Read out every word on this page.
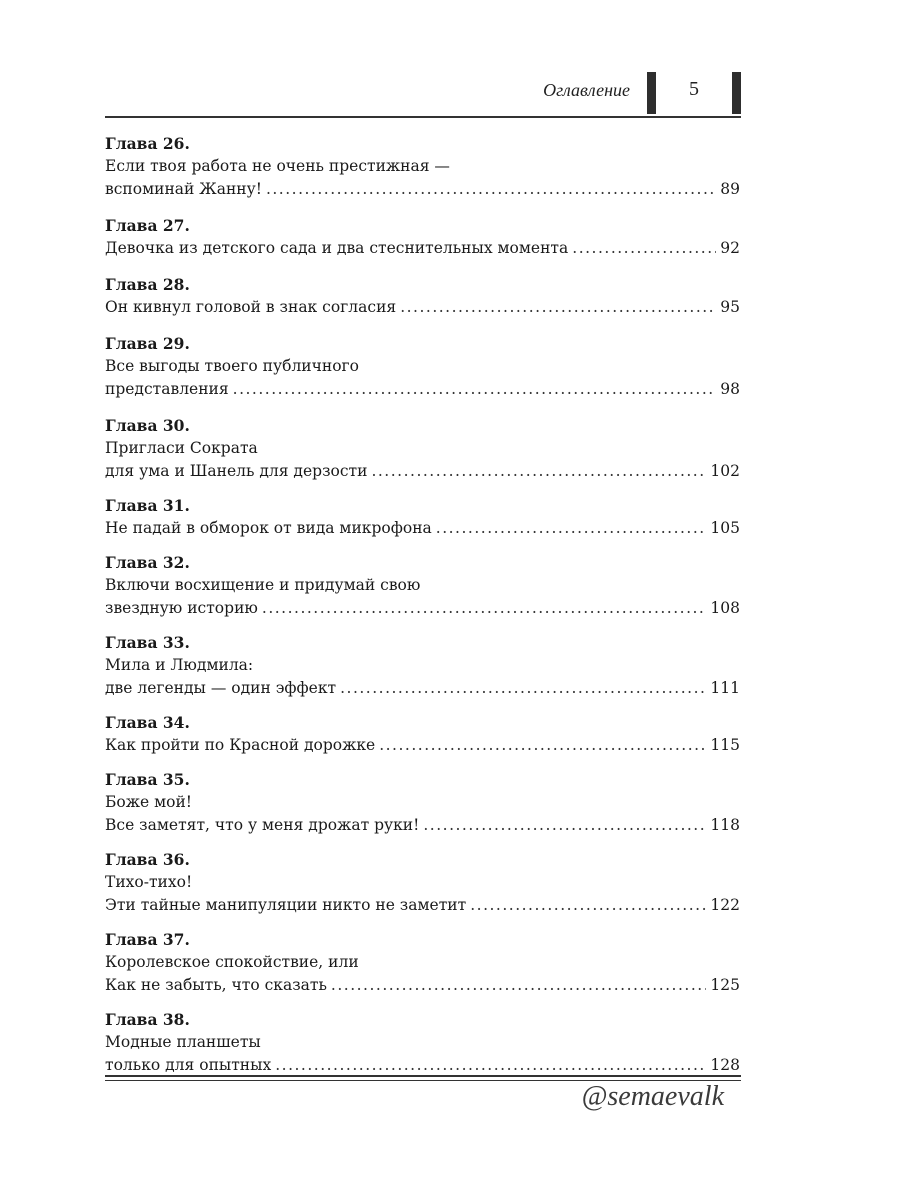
Оглавление	5
Глава 26.
Если твоя работа не очень престижная —
вспоминай Жанну! .....	89
Глава 27.
Девочка из детского сада и два стеснительных момента .....	92
Глава 28.
Он кивнул головой в знак согласия .....	95
Глава 29.
Все выгоды твоего публичного
представления .....	98
Глава 30.
Пригласи Сократа
для ума и Шанель для дерзости .....	102
Глава 31.
Не падай в обморок от вида микрофона .....	105
Глава 32.
Включи восхищение и придумай свою
звездную историю .....	108
Глава 33.
Мила и Людмила:
две легенды — один эффект .....	111
Глава 34.
Как пройти по Красной дорожке .....	115
Глава 35.
Боже мой!
Все заметят, что у меня дрожат руки! .....	118
Глава 36.
Тихо-тихо!
Эти тайные манипуляции никто не заметит .....	122
Глава 37.
Королевское спокойствие, или
Как не забыть, что сказать .....	125
Глава 38.
Модные планшеты
только для опытных .....	128
@semaevalk
